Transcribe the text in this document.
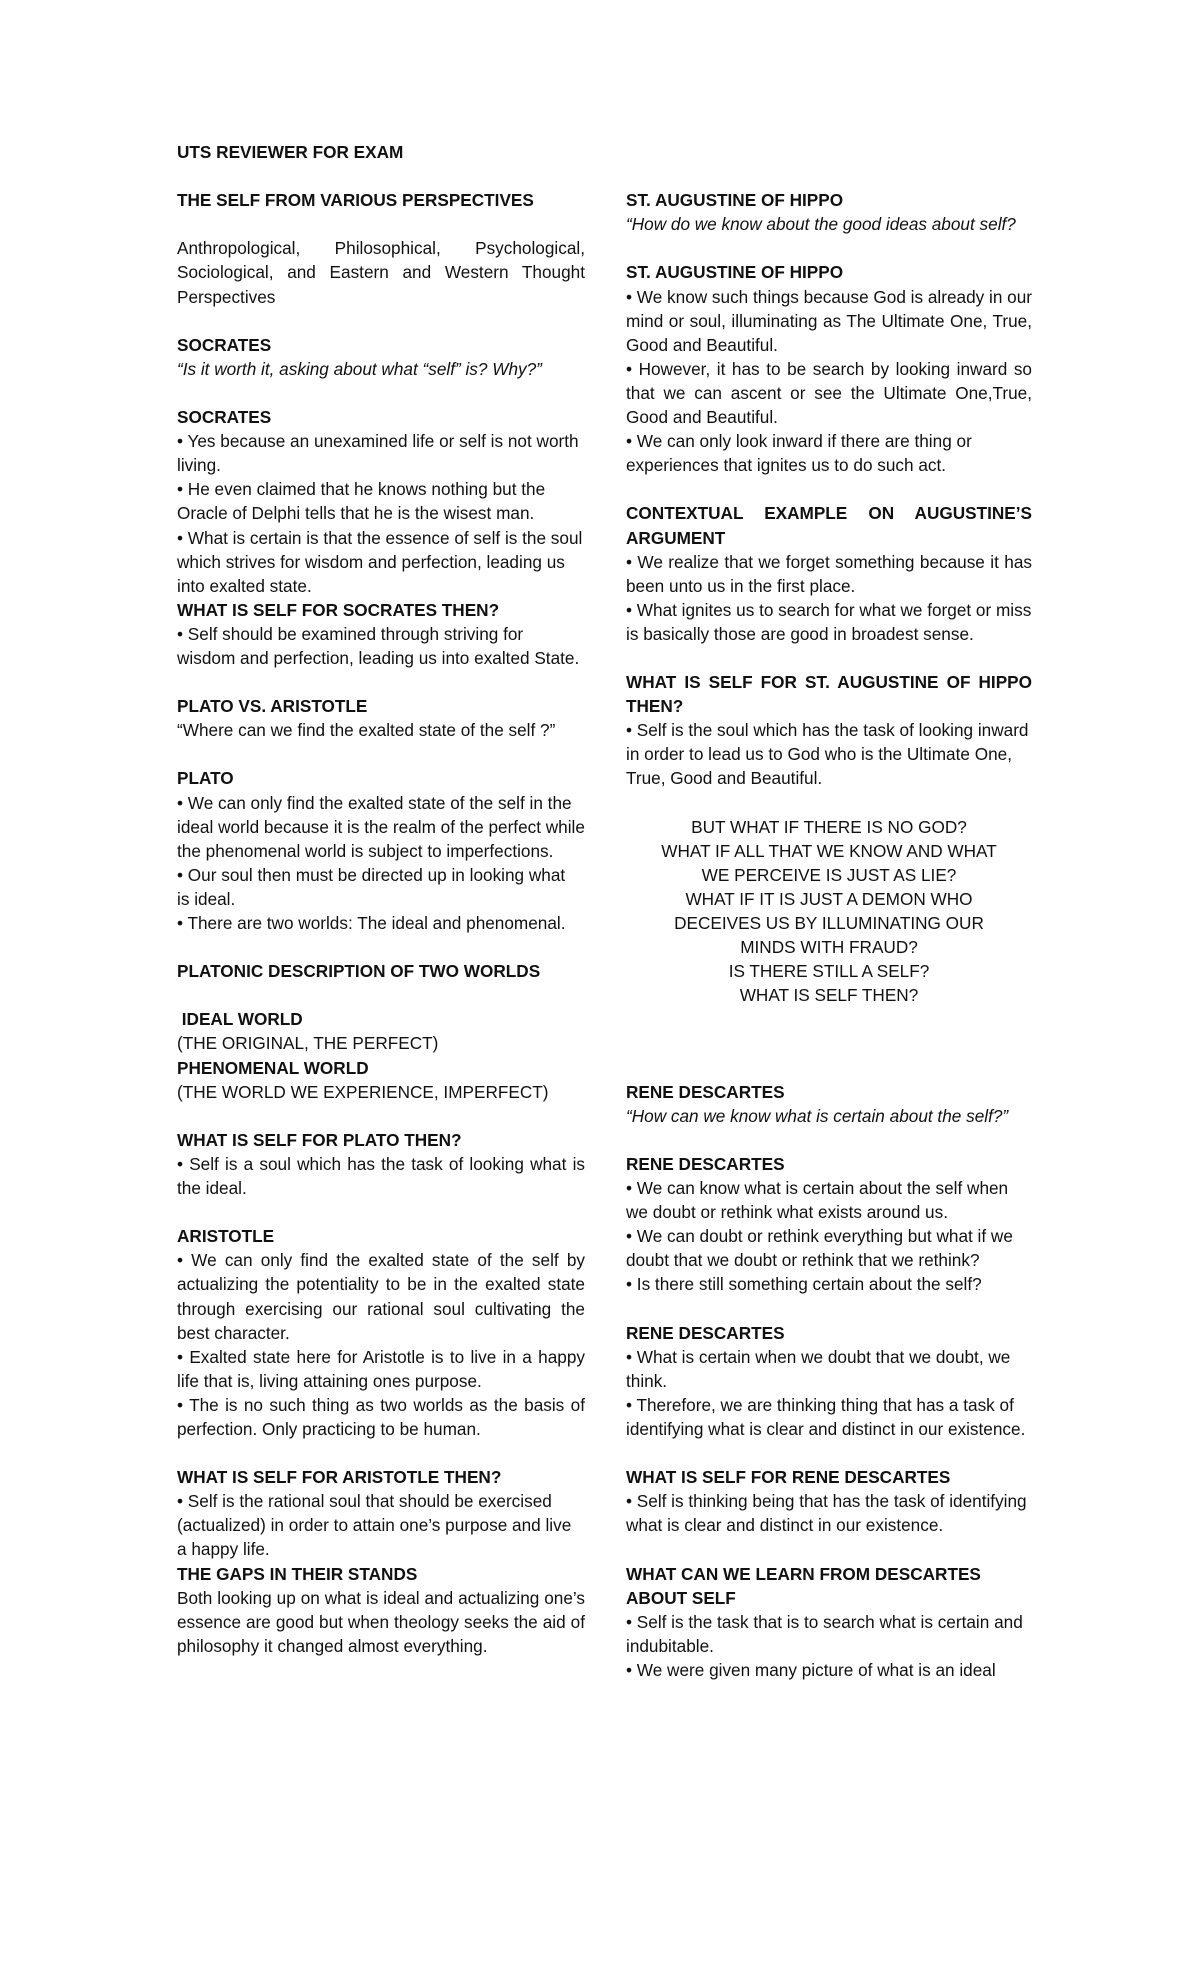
UTS REVIEWER FOR EXAM

THE SELF FROM VARIOUS PERSPECTIVES

Anthropological, Philosophical, Psychological, Sociological, and Eastern and Western Thought Perspectives

SOCRATES

“Is it worth it, asking about what “self” is? Why?”

SOCRATES

• Yes because an unexamined life or self is not worth

living.

• He even claimed that he knows nothing but the Oracle of Delphi tells that he is the wisest man.

• What is certain is that the essence of self is the soul which strives for wisdom and perfection, leading us into exalted state.

WHAT IS SELF FOR SOCRATES THEN?

• Self should be examined through striving for wisdom and perfection, leading us into exalted State.

PLATO VS. ARISTOTLE

“Where can we find the exalted state of the self ?”

PLATO

• We can only find the exalted state of the self in the

ideal world because it is the realm of the perfect while the phenomenal world is subject to imperfections.

• Our soul then must be directed up in looking what

is ideal.

• There are two worlds: The ideal and phenomenal.

PLATONIC DESCRIPTION OF TWO WORLDS

IDEAL WORLD

(THE ORIGINAL, THE PERFECT)

PHENOMENAL WORLD

(THE WORLD WE EXPERIENCE, IMPERFECT)

WHAT IS SELF FOR PLATO THEN?

• Self is a soul which has the task of looking what is the ideal.

ARISTOTLE

• We can only find the exalted state of the self by actualizing the potentiality to be in the exalted state through exercising our rational soul cultivating the best character.

• Exalted state here for Aristotle is to live in a happy life that is, living attaining ones purpose.

• The is no such thing as two worlds as the basis of perfection. Only practicing to be human.

WHAT IS SELF FOR ARISTOTLE THEN?

• Self is the rational soul that should be exercised (actualized) in order to attain one’s purpose and live a happy life.

THE GAPS IN THEIR STANDS

Both looking up on what is ideal and actualizing one’s essence are good but when theology seeks the aid of philosophy it changed almost everything.

ST. AUGUSTINE OF HIPPO

“How do we know about the good ideas about self?

ST. AUGUSTINE OF HIPPO

• We know such things because God is already in our mind or soul, illuminating as The Ultimate One, True, Good and Beautiful.

• However, it has to be search by looking inward so that we can ascent or see the Ultimate One,True, Good and Beautiful.

• We can only look inward if there are thing or experiences that ignites us to do such act.

CONTEXTUAL EXAMPLE ON AUGUSTINE’S

ARGUMENT

• We realize that we forget something because it has been unto us in the first place.

• What ignites us to search for what we forget or miss is basically those are good in broadest sense.

WHAT IS SELF FOR ST. AUGUSTINE OF HIPPO THEN?

• Self is the soul which has the task of looking inward in order to lead us to God who is the Ultimate One, True, Good and Beautiful.

BUT WHAT IF THERE IS NO GOD?

WHAT IF ALL THAT WE KNOW AND WHAT

WE PERCEIVE IS JUST AS LIE?

WHAT IF IT IS JUST A DEMON WHO

DECEIVES US BY ILLUMINATING OUR

MINDS WITH FRAUD?

IS THERE STILL A SELF?

WHAT IS SELF THEN?

RENE DESCARTES

“How can we know what is certain about the self?”

RENE DESCARTES

• We can know what is certain about the self when we doubt or rethink what exists around us.

• We can doubt or rethink everything but what if we doubt that we doubt or rethink that we rethink?

• Is there still something certain about the self?

RENE DESCARTES

• What is certain when we doubt that we doubt, we think.

• Therefore, we are thinking thing that has a task of identifying what is clear and distinct in our existence.

WHAT IS SELF FOR RENE DESCARTES

• Self is thinking being that has the task of identifying what is clear and distinct in our existence.

WHAT CAN WE LEARN FROM DESCARTES ABOUT SELF

• Self is the task that is to search what is certain and indubitable.

• We were given many picture of what is an ideal
